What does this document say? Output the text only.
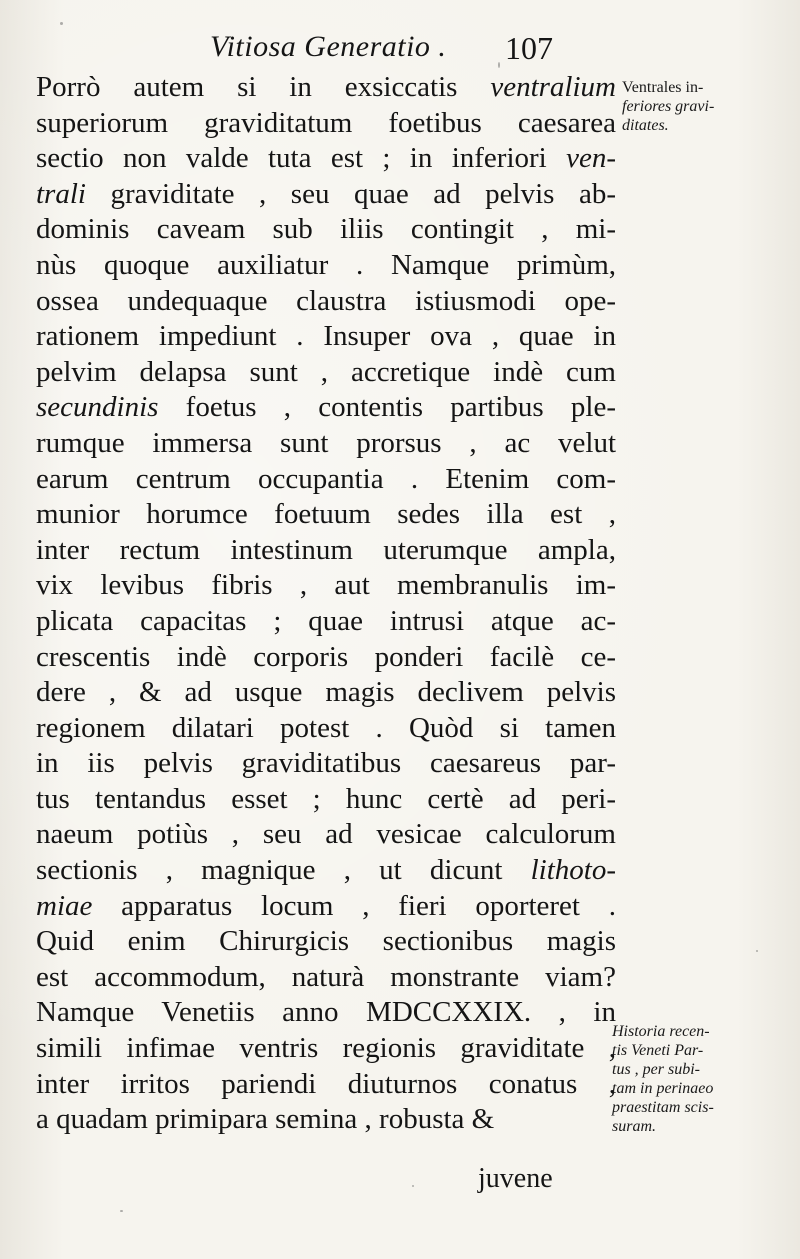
Vitiosa Generatio . 107
Porrò autem si in exsiccatis ventralium
superiorum graviditatum foetibus caesarea
sectio non valde tuta est ; in inferiori ven-
trali graviditate , seu quae ad pelvis ab-
dominis caveam sub iliis contingit , mi-
nùs quoque auxiliatur . Namque primùm,
ossea undequaque claustra istiusmodi ope-
rationem impediunt . Insuper ova , quae in
pelvim delapsa sunt , accretique indè cum
secundinis foetus , contentis partibus ple-
rumque immersa sunt prorsus , ac velut
earum centrum occupantia . Etenim com-
munior horumce foetuum sedes illa est ,
inter rectum intestinum uterumque ampla,
vix levibus fibris , aut membranulis im-
plicata capacitas ; quae intrusi atque ac-
crescentis indè corporis ponderi facilè ce-
dere , & ad usque magis declivem pelvis
regionem dilatari potest . Quòd si tamen
in iis pelvis graviditatibus caesareus par-
tus tentandus esset ; hunc certè ad peri-
naeum potiùs , seu ad vesicae calculorum
sectionis , magnique , ut dicunt lithoto-
miae apparatus locum , fieri oporteret .
Quid enim Chirurgicis sectionibus magis
est accommodum, naturà monstrante viam?
Namque Venetiis anno MDCCXXIX. , in
simili infimae ventris regionis graviditate ,
inter irritos pariendi diuturnos conatus ,
a quadam primipara semina , robusta &
Ventrales in-
feriores gravi-
ditates.
Historia recen-
tis Veneti Par-
tus , per subi-
tam in perinaeo
praestitam scis-
suram.
juvene
